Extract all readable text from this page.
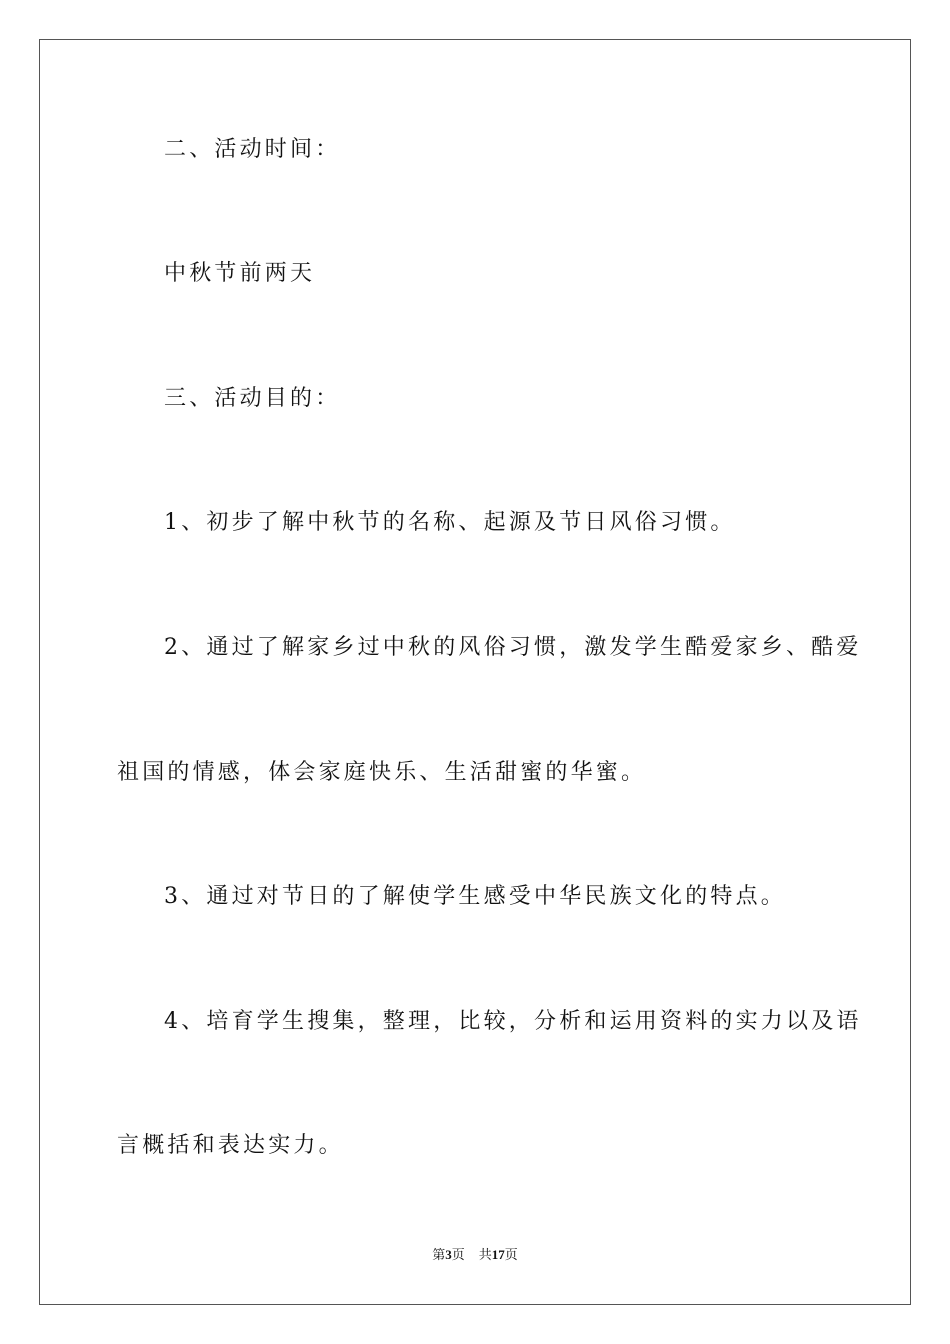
二、活动时间：
中秋节前两天
三、活动目的：
1、初步了解中秋节的名称、起源及节日风俗习惯。
2、通过了解家乡过中秋的风俗习惯，激发学生酷爱家乡、酷爱
祖国的情感，体会家庭快乐、生活甜蜜的华蜜。
3、通过对节日的了解使学生感受中华民族文化的特点。
4、培育学生搜集，整理，比较，分析和运用资料的实力以及语
言概括和表达实力。
第3页 共17页
